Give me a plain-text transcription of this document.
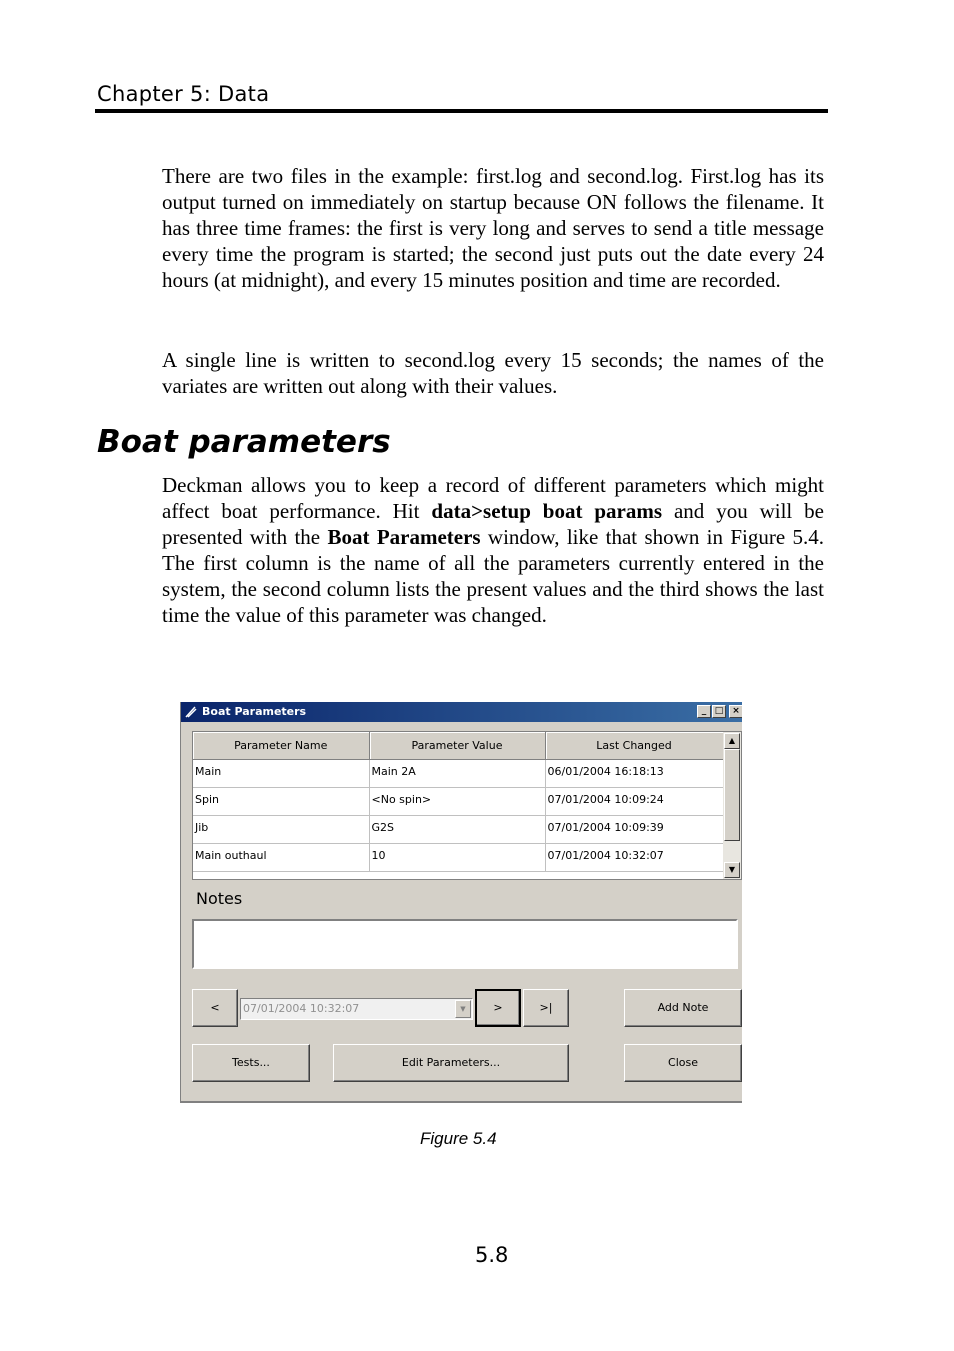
Chapter 5: Data

There are two files in the example: first.log and second.log. First.log has its output turned on immediately on startup because ON follows the filename. It has three time frames: the first is very long and serves to send a title message every time the program is started; the second just puts out the date every 24 hours (at midnight), and every 15 minutes position and time are recorded.

A single line is written to second.log every 15 seconds; the names of the variates are written out along with their values.

Boat parameters

Deckman allows you to keep a record of different parameters which might affect boat performance. Hit data>setup boat params and you will be presented with the Boat Parameters window, like that shown in Figure 5.4. The first column is the name of all the parameters currently entered in the system, the second column lists the present values and the third shows the last time the value of this parameter was changed.

Boat Parameters	_ □ ×
Parameter Name	Parameter Value	Last Changed
Main	Main 2A	06/01/2004 16:18:13
Spin	<No spin>	07/01/2004 10:09:24
Jib	G2S	07/01/2004 10:09:39
Main outhaul	10	07/01/2004 10:32:07
▲
▼
Notes
<	07/01/2004 10:32:07	▼	>	>|	Add Note
Tests...	Edit Parameters...	Close
Figure 5.4
5.8
